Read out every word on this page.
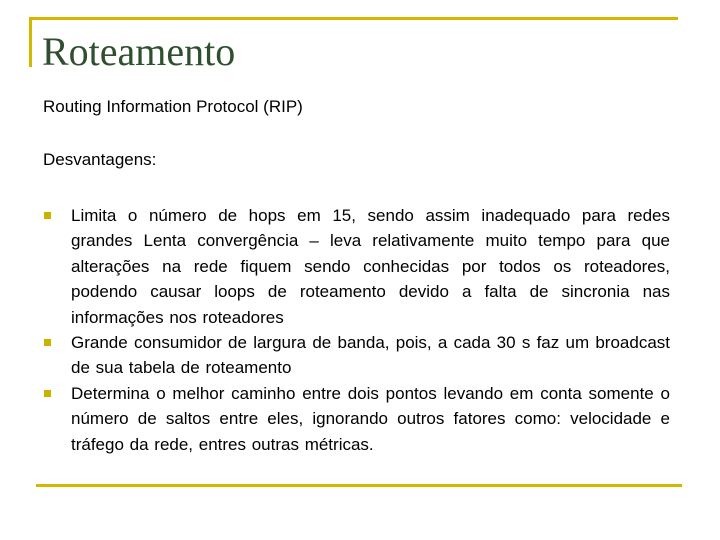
Roteamento

Routing Information Protocol (RIP)

Desvantagens:

Limita o número de hops em 15, sendo assim inadequado para redes grandes Lenta convergência – leva relativamente muito tempo para que alterações na rede fiquem sendo conhecidas por todos os roteadores, podendo causar loops de roteamento devido a falta de sincronia nas informações nos roteadores
Grande consumidor de largura de banda, pois, a cada 30 s faz um broadcast de sua tabela de roteamento
Determina o melhor caminho entre dois pontos levando em conta somente o número de saltos entre eles, ignorando outros fatores como: velocidade e tráfego da rede, entres outras métricas.
